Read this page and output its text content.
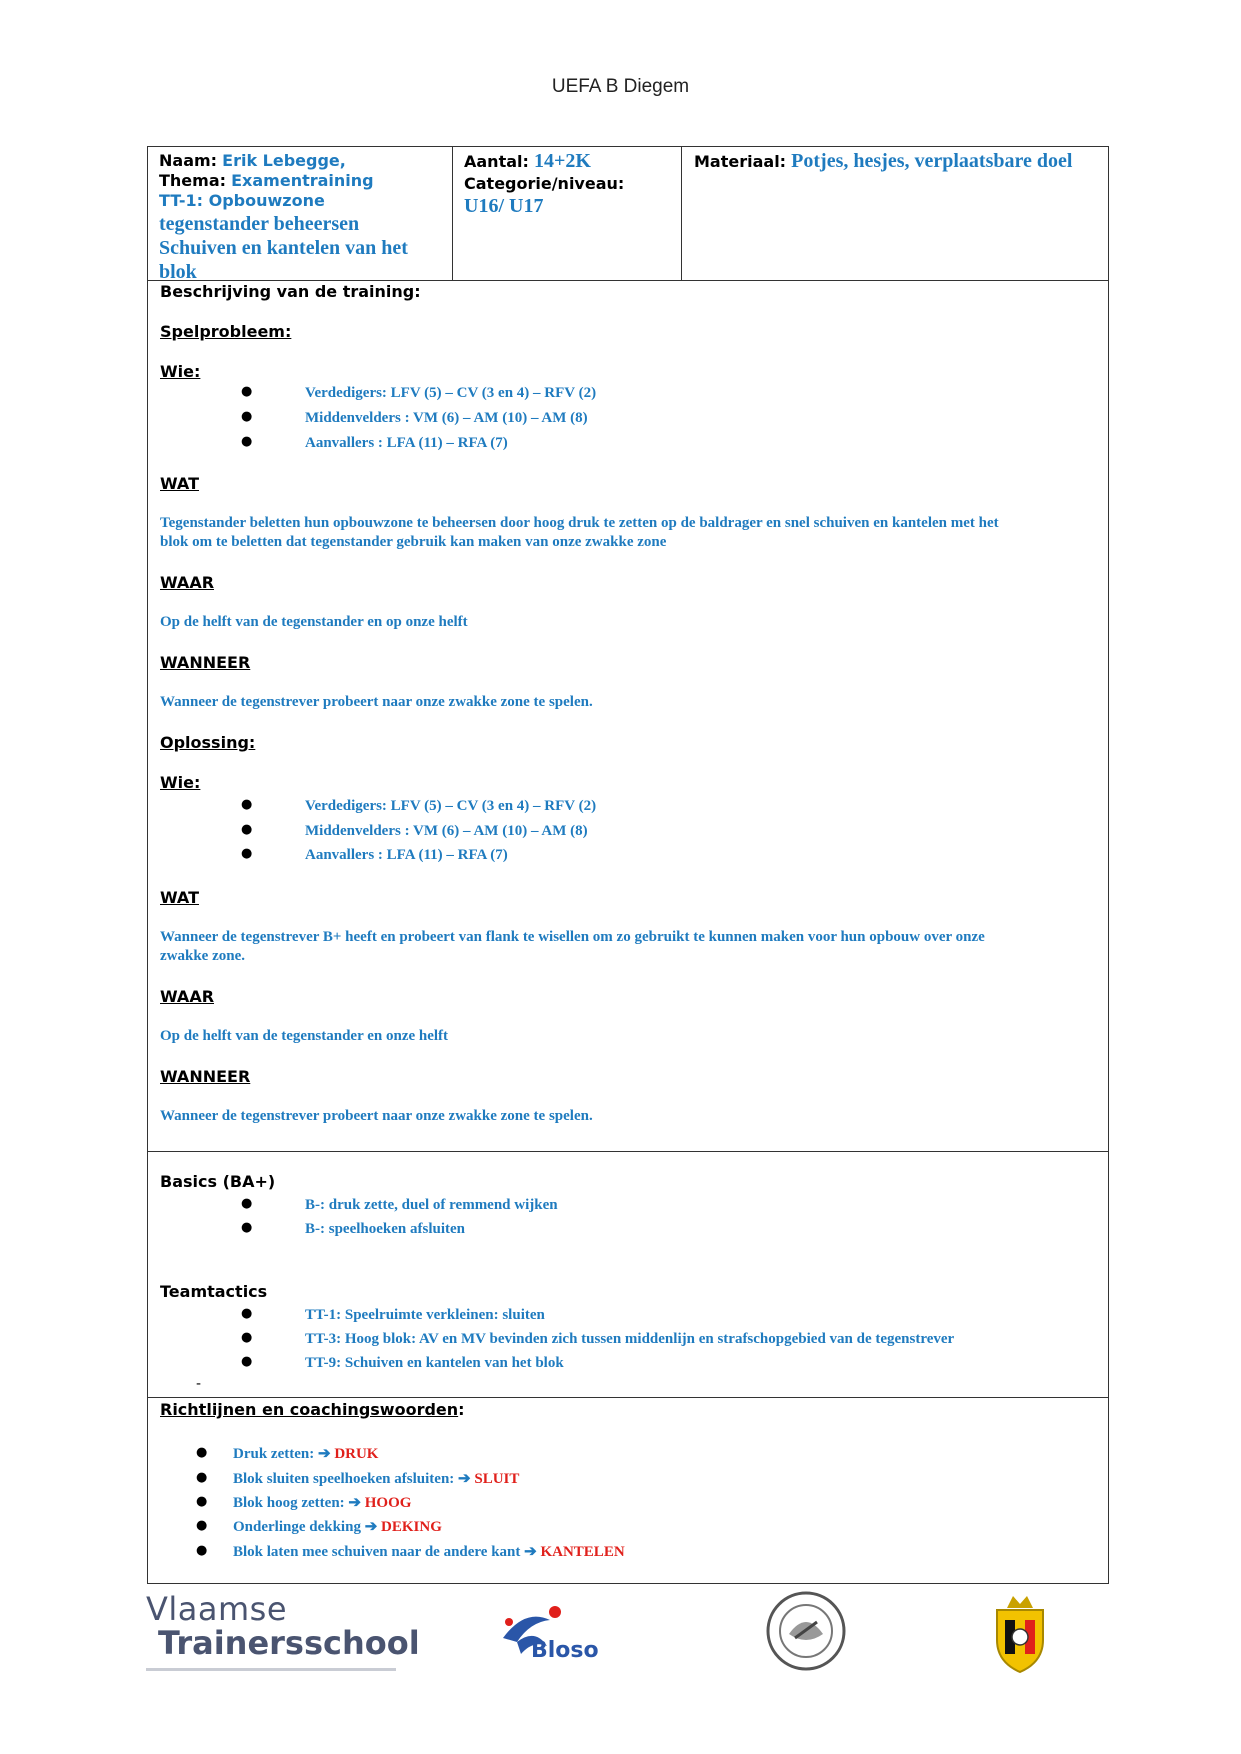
UEFA B Diegem
Naam: Erik Lebegge,
Thema: Examentraining
TT-1: Opbouwzone
tegenstander beheersen
Schuiven en kantelen van het
blok
Aantal: 14+2K
Categorie/niveau:
U16/ U17
Materiaal: Potjes, hesjes, verplaatsbare doel
Beschrijving van de training:
Spelprobleem:
Wie:
●	Verdedigers: LFV (5) – CV (3 en 4) – RFV (2)
●	Middenvelders : VM (6) – AM (10) – AM (8)
●	Aanvallers : LFA (11) – RFA (7)
WAT
Tegenstander beletten hun opbouwzone te beheersen door hoog druk te zetten op de baldrager en snel schuiven en kantelen met het
blok om te beletten dat tegenstander gebruik kan maken van onze zwakke zone
WAAR
Op de helft van de tegenstander en op onze helft
WANNEER
Wanneer de tegenstrever probeert naar onze zwakke zone te spelen.
Oplossing:
Wie:
●	Verdedigers: LFV (5) – CV (3 en 4) – RFV (2)
●	Middenvelders : VM (6) – AM (10) – AM (8)
●	Aanvallers : LFA (11) – RFA (7)
WAT
Wanneer de tegenstrever B+ heeft en probeert van flank te wisellen om zo gebruikt te kunnen maken voor hun opbouw over onze
zwakke zone.
WAAR
Op de helft van de tegenstander en onze helft
WANNEER
Wanneer de tegenstrever probeert naar onze zwakke zone te spelen.
Basics (BA+)
●	B-: druk zette, duel of remmend wijken
●	B-: speelhoeken afsluiten
Teamtactics
●	TT-1: Speelruimte verkleinen: sluiten
●	TT-3: Hoog blok: AV en MV bevinden zich tussen middenlijn en strafschopgebied van de tegenstrever
●	TT-9: Schuiven en kantelen van het blok
-
Richtlijnen en coachingswoorden:
● Druk zetten: ➔ DRUK
● Blok sluiten speelhoeken afsluiten: ➔ SLUIT
● Blok hoog zetten: ➔ HOOG
● Onderlinge dekking ➔ DEKING
● Blok laten mee schuiven naar de andere kant ➔ KANTELEN
Vlaamse
Trainersschool	Bloso
